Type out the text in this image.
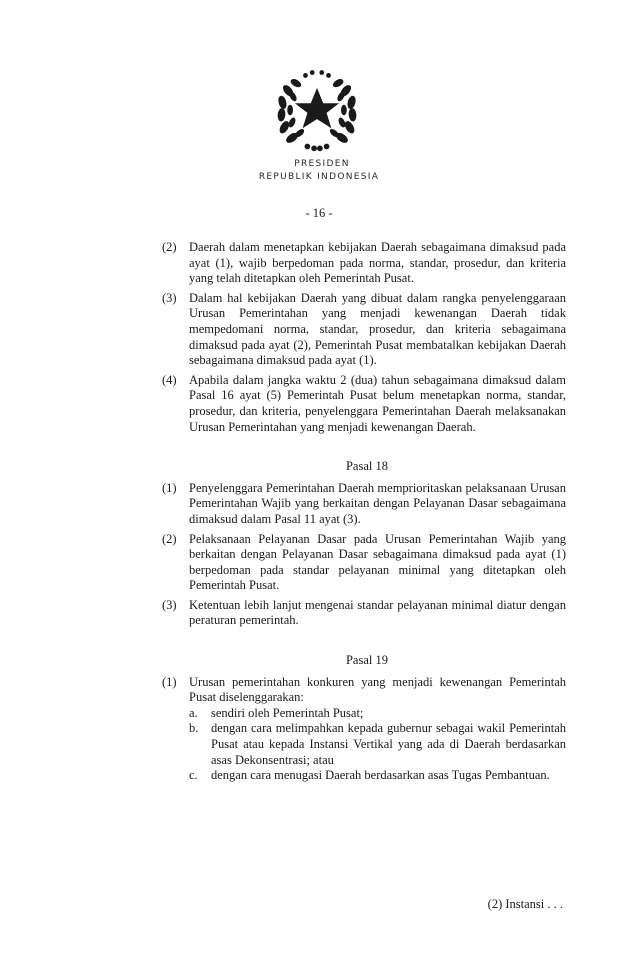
PRESIDEN
REPUBLIK INDONESIA
- 16 -
(2) Daerah dalam menetapkan kebijakan Daerah sebagaimana dimaksud pada ayat (1), wajib berpedoman pada norma, standar, prosedur, dan kriteria yang telah ditetapkan oleh Pemerintah Pusat.
(3) Dalam hal kebijakan Daerah yang dibuat dalam rangka penyelenggaraan Urusan Pemerintahan yang menjadi kewenangan Daerah tidak mempedomani norma, standar, prosedur, dan kriteria sebagaimana dimaksud pada ayat (2), Pemerintah Pusat membatalkan kebijakan Daerah sebagaimana dimaksud pada ayat (1).
(4) Apabila dalam jangka waktu 2 (dua) tahun sebagaimana dimaksud dalam Pasal 16 ayat (5) Pemerintah Pusat belum menetapkan norma, standar, prosedur, dan kriteria, penyelenggara Pemerintahan Daerah melaksanakan Urusan Pemerintahan yang menjadi kewenangan Daerah.
Pasal 18
(1) Penyelenggara Pemerintahan Daerah memprioritaskan pelaksanaan Urusan Pemerintahan Wajib yang berkaitan dengan Pelayanan Dasar sebagaimana dimaksud dalam Pasal 11 ayat (3).
(2) Pelaksanaan Pelayanan Dasar pada Urusan Pemerintahan Wajib yang berkaitan dengan Pelayanan Dasar sebagaimana dimaksud pada ayat (1) berpedoman pada standar pelayanan minimal yang ditetapkan oleh Pemerintah Pusat.
(3) Ketentuan lebih lanjut mengenai standar pelayanan minimal diatur dengan peraturan pemerintah.
Pasal 19
(1) Urusan pemerintahan konkuren yang menjadi kewenangan Pemerintah Pusat diselenggarakan:
a.	sendiri oleh Pemerintah Pusat;
b.	dengan cara melimpahkan kepada gubernur sebagai wakil Pemerintah Pusat atau kepada Instansi Vertikal yang ada di Daerah berdasarkan asas Dekonsentrasi; atau
c.	dengan cara menugasi Daerah berdasarkan asas Tugas Pembantuan.
(2) Instansi . . .
